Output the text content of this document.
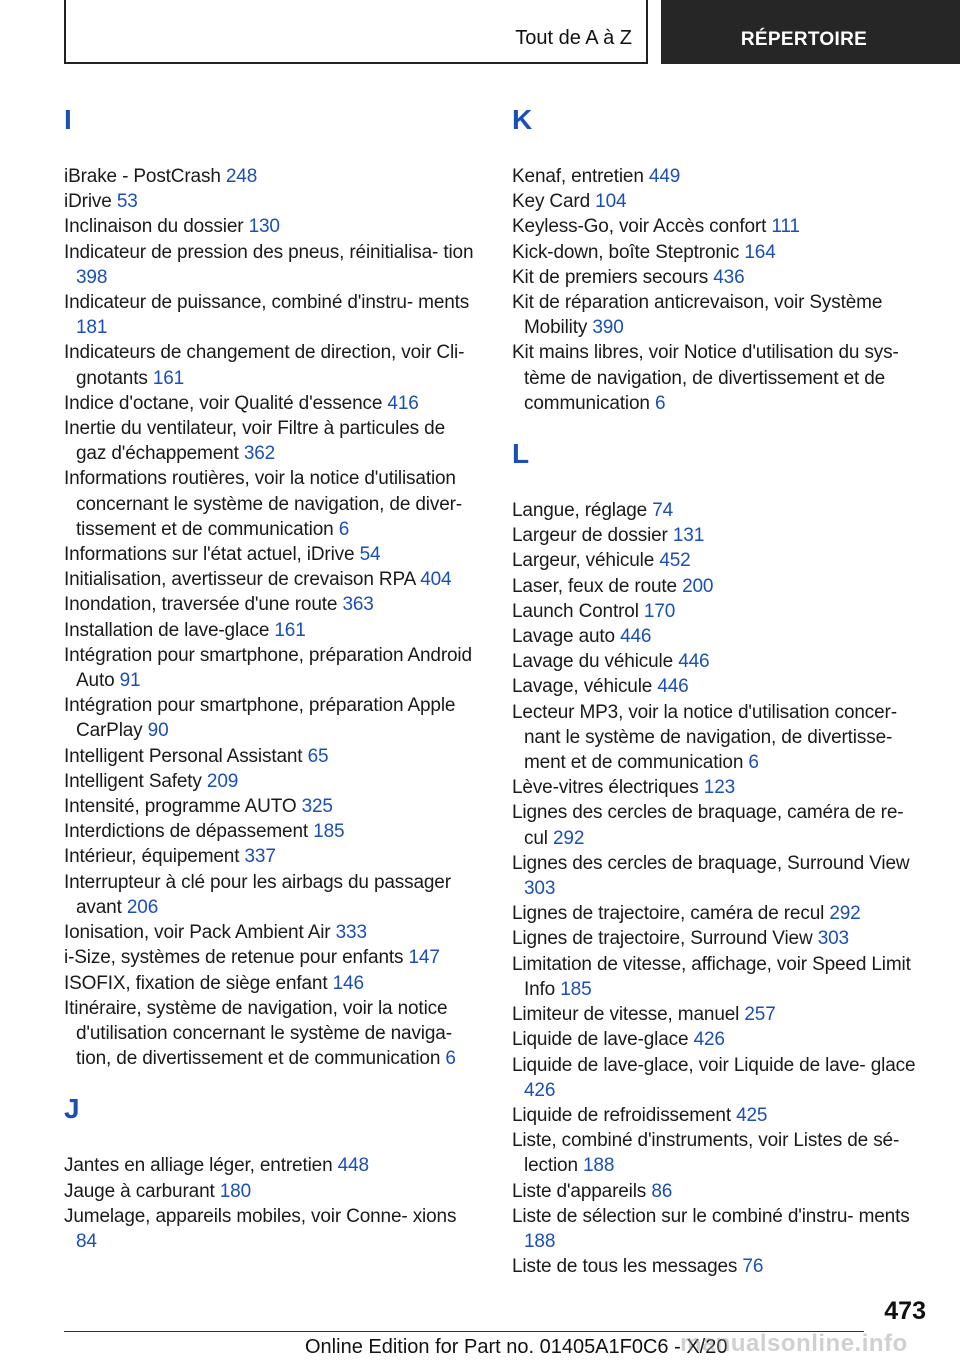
Tout de A à Z	RÉPERTOIRE
I
iBrake - PostCrash 248
iDrive 53
Inclinaison du dossier 130
Indicateur de pression des pneus, réinitialisa‐ tion 398
Indicateur de puissance, combiné d'instru‐ ments 181
Indicateurs de changement de direction, voir Cli‐ gnotants 161
Indice d'octane, voir Qualité d'essence 416
Inertie du ventilateur, voir Filtre à particules de gaz d'échappement 362
Informations routières, voir la notice d'utilisation concernant le système de navigation, de diver‐ tissement et de communication 6
Informations sur l'état actuel, iDrive 54
Initialisation, avertisseur de crevaison RPA 404
Inondation, traversée d'une route 363
Installation de lave-glace 161
Intégration pour smartphone, préparation Android Auto 91
Intégration pour smartphone, préparation Apple CarPlay 90
Intelligent Personal Assistant 65
Intelligent Safety 209
Intensité, programme AUTO 325
Interdictions de dépassement 185
Intérieur, équipement 337
Interrupteur à clé pour les airbags du passager avant 206
Ionisation, voir Pack Ambient Air 333
i-Size, systèmes de retenue pour enfants 147
ISOFIX, fixation de siège enfant 146
Itinéraire, système de navigation, voir la notice d'utilisation concernant le système de naviga‐ tion, de divertissement et de communication 6
J
Jantes en alliage léger, entretien 448
Jauge à carburant 180
Jumelage, appareils mobiles, voir Conne‐ xions 84
K
Kenaf, entretien 449
Key Card 104
Keyless-Go, voir Accès confort 111
Kick-down, boîte Steptronic 164
Kit de premiers secours 436
Kit de réparation anticrevaison, voir Système Mobility 390
Kit mains libres, voir Notice d'utilisation du sys‐ tème de navigation, de divertissement et de communication 6
L
Langue, réglage 74
Largeur de dossier 131
Largeur, véhicule 452
Laser, feux de route 200
Launch Control 170
Lavage auto 446
Lavage du véhicule 446
Lavage, véhicule 446
Lecteur MP3, voir la notice d'utilisation concer‐ nant le système de navigation, de divertisse‐ ment et de communication 6
Lève-vitres électriques 123
Lignes des cercles de braquage, caméra de re‐ cul 292
Lignes des cercles de braquage, Surround View 303
Lignes de trajectoire, caméra de recul 292
Lignes de trajectoire, Surround View 303
Limitation de vitesse, affichage, voir Speed Limit Info 185
Limiteur de vitesse, manuel 257
Liquide de lave-glace 426
Liquide de lave-glace, voir Liquide de lave‐ glace 426
Liquide de refroidissement 425
Liste, combiné d'instruments, voir Listes de sé‐ lection 188
Liste d'appareils 86
Liste de sélection sur le combiné d'instru‐ ments 188
Liste de tous les messages 76
473
Online Edition for Part no. 01405A1F0C6 - X/20
manualsonline.info
